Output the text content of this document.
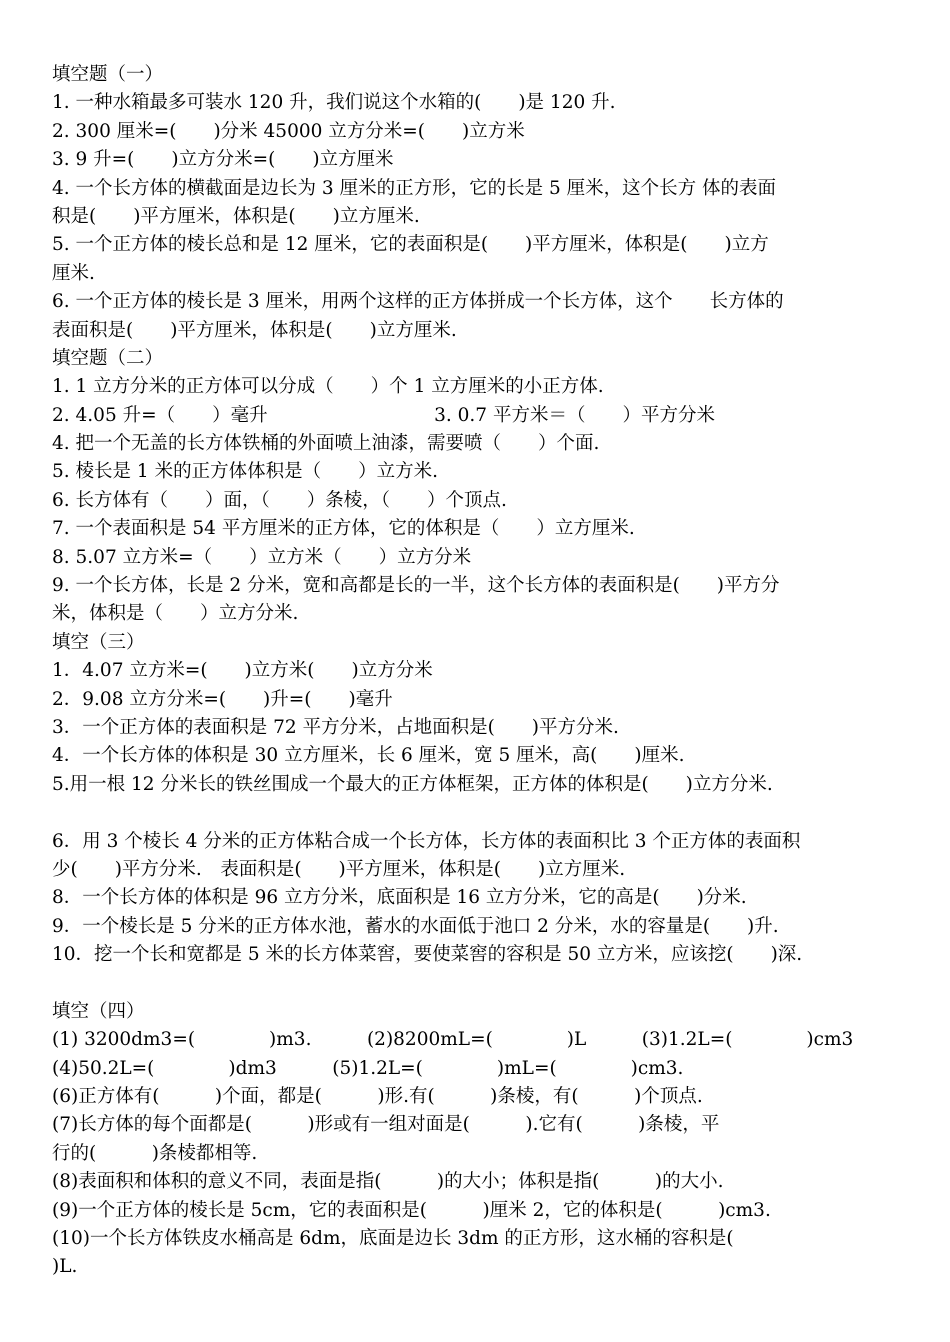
填空题（一）
1. 一种水箱最多可装水 120 升，我们说这个水箱的(　　)是 120 升.
2. 300 厘米=(　　)分米 45000 立方分米=(　　)立方米
3. 9 升=(　　)立方分米=(　　)立方厘米
4. 一个长方体的横截面是边长为 3 厘米的正方形，它的长是 5 厘米，这个长方 体的表面
积是(　　)平方厘米，体积是(　　)立方厘米.
5. 一个正方体的棱长总和是 12 厘米，它的表面积是(　　)平方厘米，体积是(　　)立方
厘米.
6. 一个正方体的棱长是 3 厘米，用两个这样的正方体拼成一个长方体，这个　　长方体的
表面积是(　　)平方厘米，体积是(　　)立方厘米.
填空题（二）
1. 1 立方分米的正方体可以分成（　　）个 1 立方厘米的小正方体.
2. 4.05 升=（　　）毫升　　　　　　　　　3. 0.7 平方米＝（　　）平方分米
4. 把一个无盖的长方体铁桶的外面喷上油漆，需要喷（　　）个面.
5. 棱长是 1 米的正方体体积是（　　）立方米.
6. 长方体有（　　）面，（　　）条棱，（　　）个顶点.
7. 一个表面积是 54 平方厘米的正方体，它的体积是（　　）立方厘米.
8. 5.07 立方米=（　　）立方米（　　）立方分米
9. 一个长方体，长是 2 分米，宽和高都是长的一半，这个长方体的表面积是(　　)平方分
米，体积是（　　）立方分米.
填空（三）
1．4.07 立方米=(　　)立方米(　　)立方分米
2．9.08 立方分米=(　　)升=(　　)毫升
3．一个正方体的表面积是 72 平方分米，占地面积是(　　)平方分米.
4．一个长方体的体积是 30 立方厘米，长 6 厘米，宽 5 厘米，高(　　)厘米.
5.用一根 12 分米长的铁丝围成一个最大的正方体框架，正方体的体积是(　　)立方分米.
6．用 3 个棱长 4 分米的正方体粘合成一个长方体，长方体的表面积比 3 个正方体的表面积
少(　　)平方分米.　表面积是(　　)平方厘米，体积是(　　)立方厘米.
8．一个长方体的体积是 96 立方分米，底面积是 16 立方分米，它的高是(　　)分米.
9．一个棱长是 5 分米的正方体水池，蓄水的水面低于池口 2 分米，水的容量是(　　)升.
10．挖一个长和宽都是 5 米的长方体菜窖，要使菜窖的容积是 50 立方米，应该挖(　　)深.
填空（四）
(1) 3200dm3=(　　　　)m3.　　　(2)8200mL=(　　　　)L　　　(3)1.2L=(　　　　)cm3
(4)50.2L=(　　　　)dm3　　　(5)1.2L=(　　　　)mL=(　　　　)cm3.
(6)正方体有(　　　)个面，都是(　　　)形.有(　　　)条棱，有(　　　)个顶点.
(7)长方体的每个面都是(　　　)形或有一组对面是(　　　).它有(　　　)条棱，平
行的(　　　)条棱都相等.
(8)表面积和体积的意义不同，表面是指(　　　)的大小；体积是指(　　　)的大小.
(9)一个正方体的棱长是 5cm，它的表面积是(　　　)厘米 2，它的体积是(　　　)cm3.
(10)一个长方体铁皮水桶高是 6dm，底面是边长 3dm 的正方形，这水桶的容积是(
)L.
